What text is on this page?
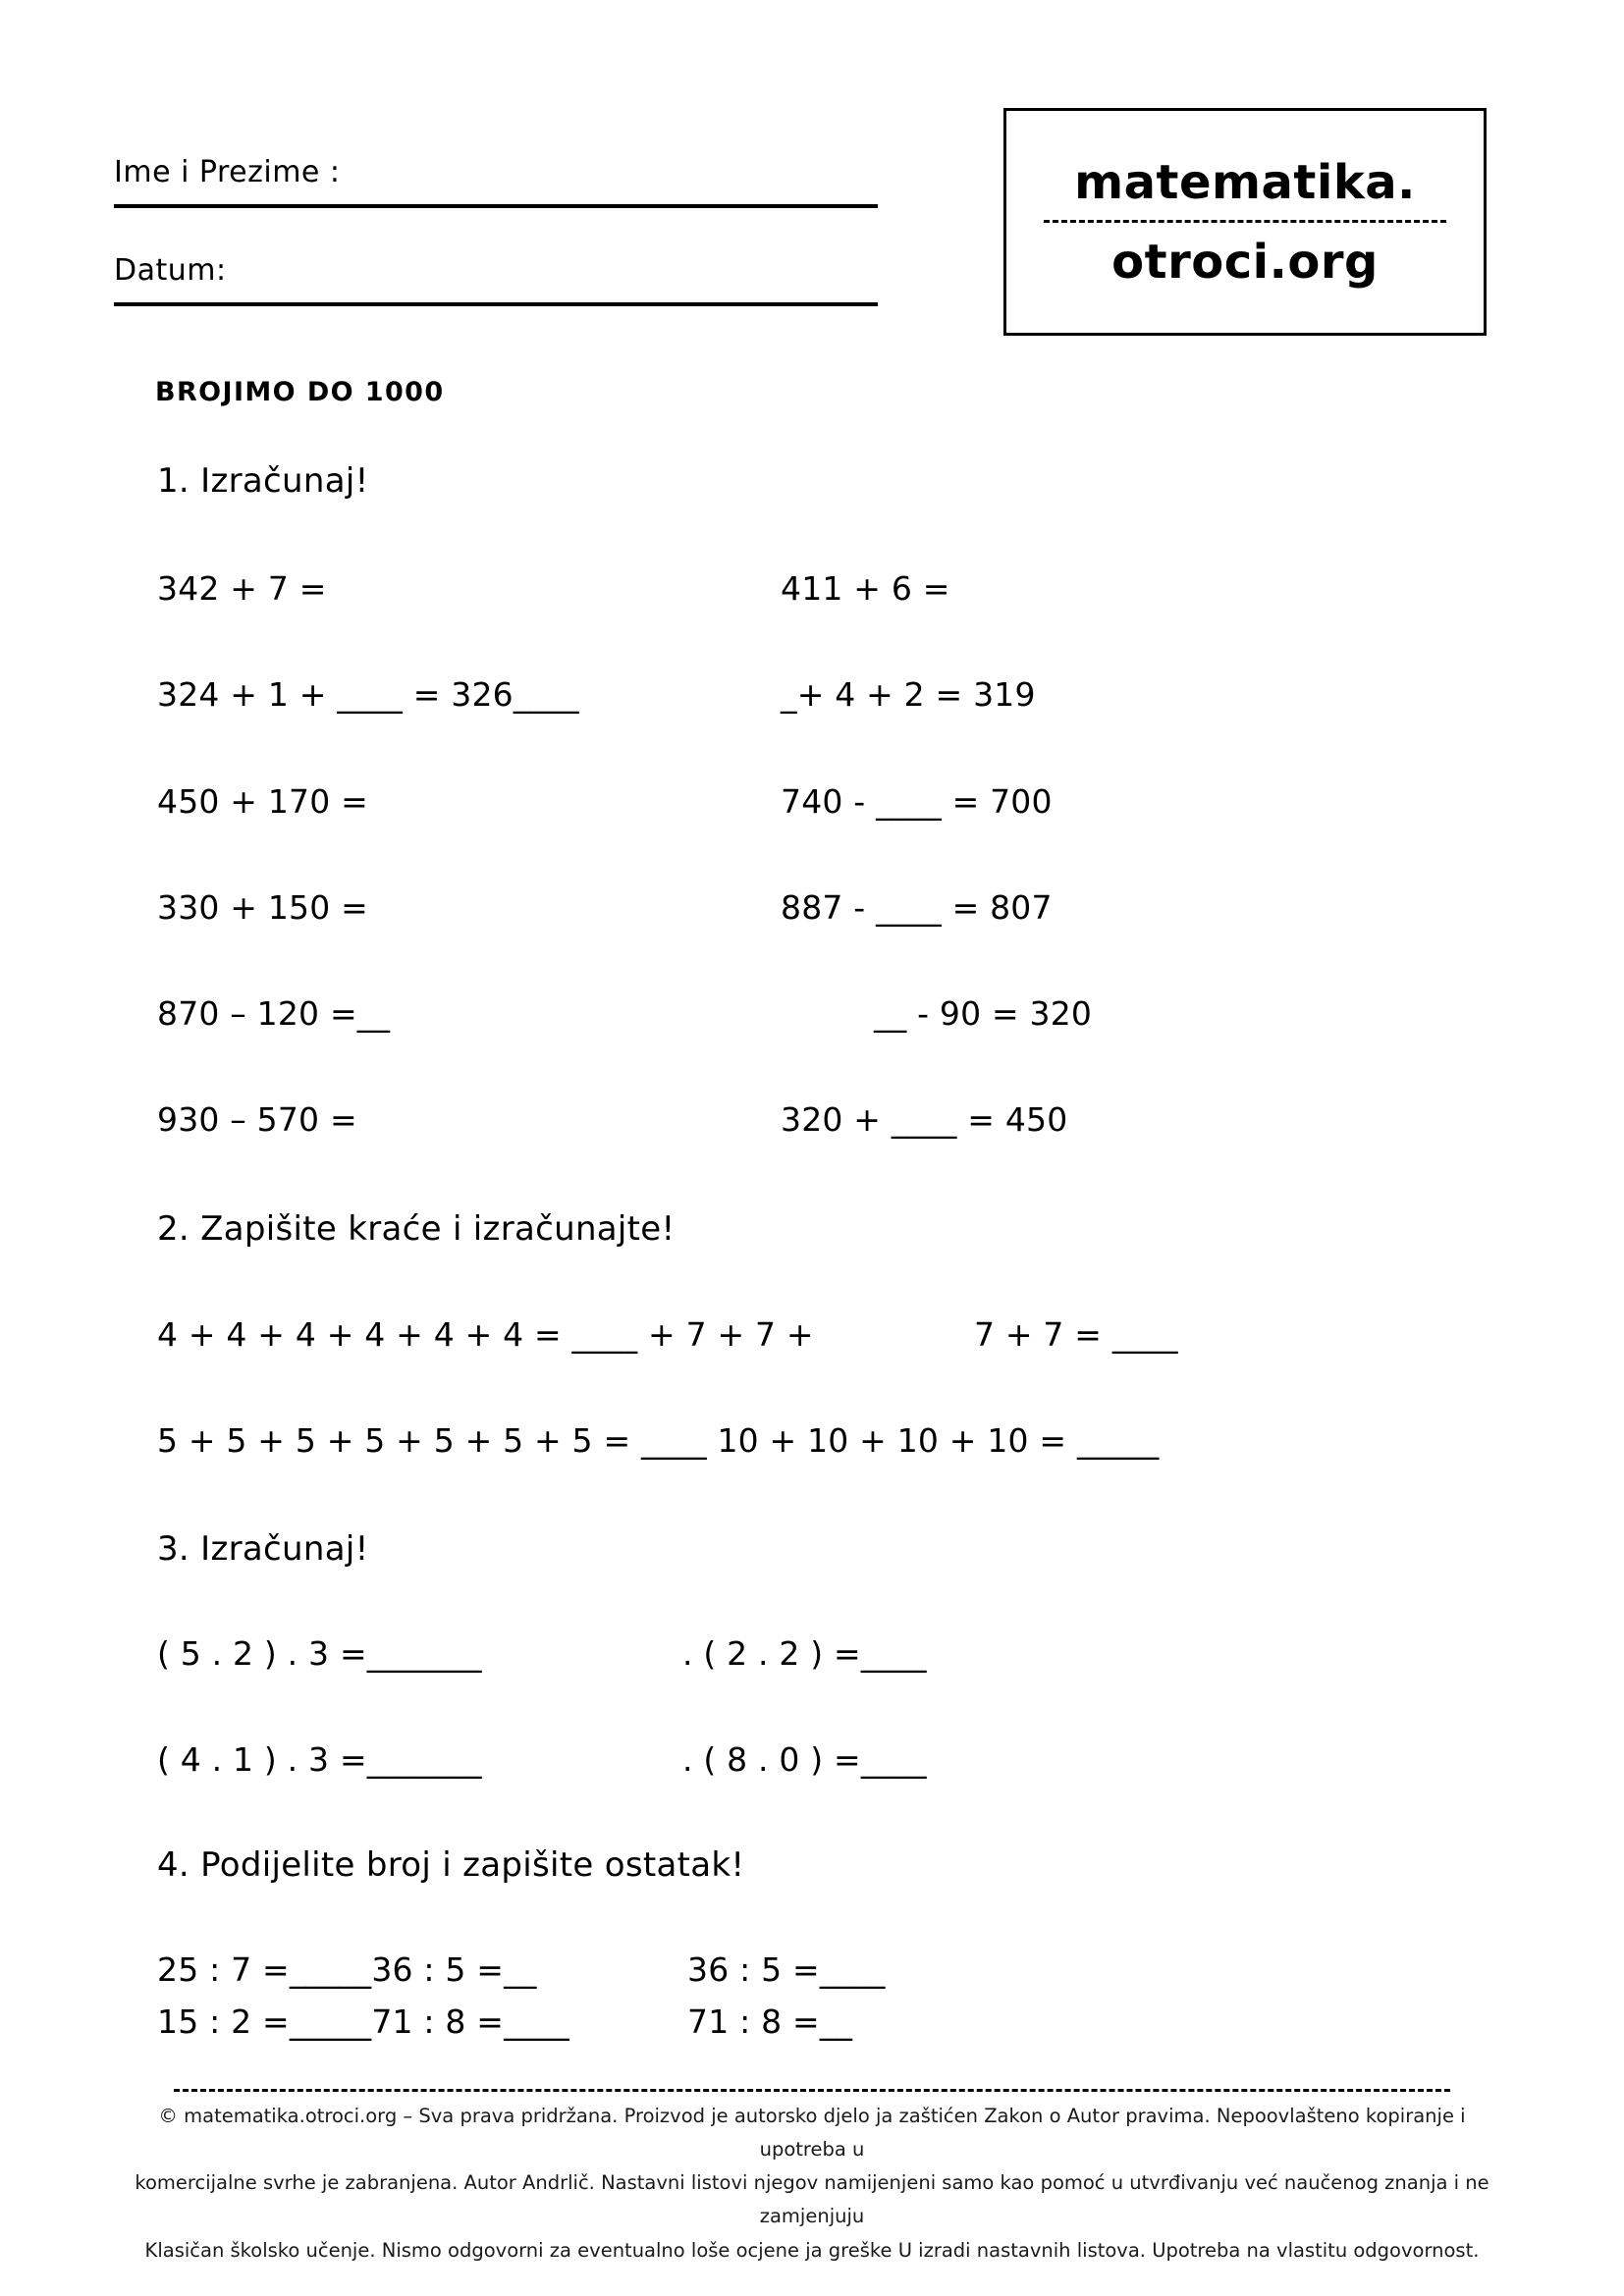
Ime i Prezime :
Datum:
matematika.
otroci.org
BROJIMO DO 1000
1. Izračunaj!
342 + 7 =	411 + 6 =
324 + 1 + ____ = 326____	_+ 4 + 2 = 319
450 + 170 =	740 - ____ = 700
330 + 150 =	887 - ____ = 807
870 – 120 =__	__ - 90 = 320
930 – 570 =	320 + ____ = 450
2. Zapišite kraće i izračunajte!
4 + 4 + 4 + 4 + 4 + 4 = ____ + 7 + 7 +	7 + 7 = ____
5 + 5 + 5 + 5 + 5 + 5 + 5 = ____ 10 + 10 + 10 + 10 = _____
3. Izračunaj!
( 5 . 2 ) . 3 =_______	. ( 2 . 2 ) =____
( 4 . 1 ) . 3 =_______	. ( 8 . 0 ) =____
4. Podijelite broj i zapišite ostatak!
25 : 7 =_____36 : 5 =__	36 : 5 =____
15 : 2 =_____71 : 8 =____	71 : 8 =__
© matematika.otroci.org – Sva prava pridržana. Proizvod je autorsko djelo ja zaštićen Zakon o Autor pravima. Nepoovlašteno kopiranje i upotreba u
komercijalne svrhe je zabranjena. Autor Andrlič. Nastavni listovi njegov namijenjeni samo kao pomoć u utvrđivanju već naučenog znanja i ne zamjenjuju
Klasičan školsko učenje. Nismo odgovorni za eventualno loše ocjene ja greške U izradi nastavnih listova. Upotreba na vlastitu odgovornost.
